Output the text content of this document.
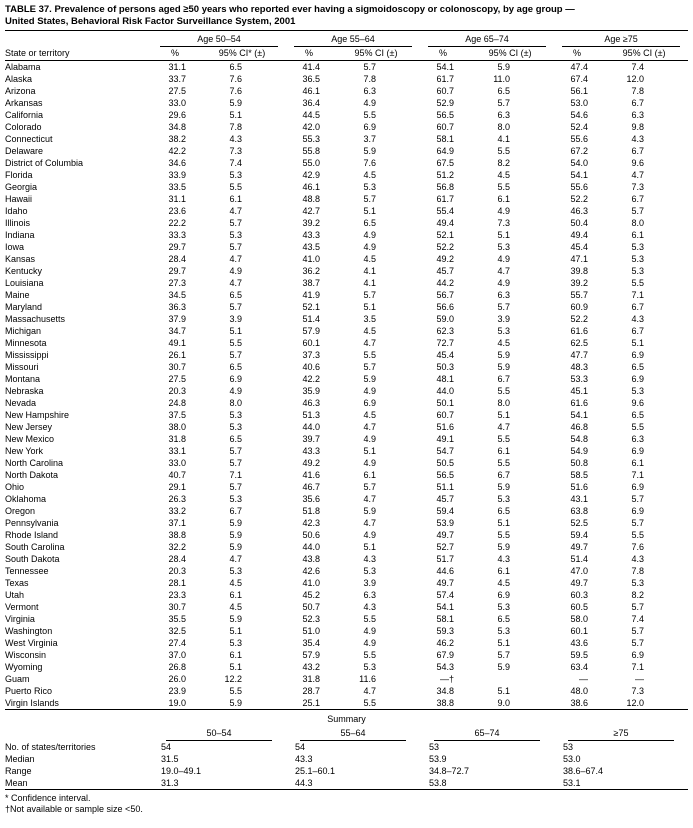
TABLE 37. Prevalence of persons aged ≥50 years who reported ever having a sigmoidoscopy or colonoscopy, by age group —
United States, Behavioral Risk Factor Surveillance System, 2001

	Age 50–54		Age 55–64		Age 65–74		Age ≥75	

State or territory	%	95% CI* (±)	%	95% CI (±)	%	95% CI (±)	%	95% CI (±)
Alabama	31.1	6.5	41.4	5.7	54.1	5.9	47.4	7.4
Alaska	33.7	7.6	36.5	7.8	61.7	11.0	67.4	12.0
Arizona	27.5	7.6	46.1	6.3	60.7	6.5	56.1	7.8
Arkansas	33.0	5.9	36.4	4.9	52.9	5.7	53.0	6.7
California	29.6	5.1	44.5	5.5	56.5	6.3	54.6	6.3
Colorado	34.8	7.8	42.0	6.9	60.7	8.0	52.4	9.8
Connecticut	38.2	4.3	55.3	3.7	58.1	4.1	55.6	4.3
Delaware	42.2	7.3	55.8	5.9	64.9	5.5	67.2	6.7
District of Columbia	34.6	7.4	55.0	7.6	67.5	8.2	54.0	9.6
Florida	33.9	5.3	42.9	4.5	51.2	4.5	54.1	4.7
Georgia	33.5	5.5	46.1	5.3	56.8	5.5	55.6	7.3
Hawaii	31.1	6.1	48.8	5.7	61.7	6.1	52.2	6.7
Idaho	23.6	4.7	42.7	5.1	55.4	4.9	46.3	5.7
Illinois	22.2	5.7	39.2	6.5	49.4	7.3	50.4	8.0
Indiana	33.3	5.3	43.3	4.9	52.1	5.1	49.4	6.1
Iowa	29.7	5.7	43.5	4.9	52.2	5.3	45.4	5.3
Kansas	28.4	4.7	41.0	4.5	49.2	4.9	47.1	5.3
Kentucky	29.7	4.9	36.2	4.1	45.7	4.7	39.8	5.3
Louisiana	27.3	4.7	38.7	4.1	44.2	4.9	39.2	5.5
Maine	34.5	6.5	41.9	5.7	56.7	6.3	55.7	7.1
Maryland	36.3	5.7	52.1	5.1	56.6	5.7	60.9	6.7
Massachusetts	37.9	3.9	51.4	3.5	59.0	3.9	52.2	4.3
Michigan	34.7	5.1	57.9	4.5	62.3	5.3	61.6	6.7
Minnesota	49.1	5.5	60.1	4.7	72.7	4.5	62.5	5.1
Mississippi	26.1	5.7	37.3	5.5	45.4	5.9	47.7	6.9
Missouri	30.7	6.5	40.6	5.7	50.3	5.9	48.3	6.5
Montana	27.5	6.9	42.2	5.9	48.1	6.7	53.3	6.9
Nebraska	20.3	4.9	35.9	4.9	44.0	5.5	45.1	5.3
Nevada	24.8	8.0	46.3	6.9	50.1	8.0	61.6	9.6
New Hampshire	37.5	5.3	51.3	4.5	60.7	5.1	54.1	6.5
New Jersey	38.0	5.3	44.0	4.7	51.6	4.7	46.8	5.5
New Mexico	31.8	6.5	39.7	4.9	49.1	5.5	54.8	6.3
New York	33.1	5.7	43.3	5.1	54.7	6.1	54.9	6.9
North Carolina	33.0	5.7	49.2	4.9	50.5	5.5	50.8	6.1
North Dakota	40.7	7.1	41.6	6.1	56.5	6.7	58.5	7.1
Ohio	29.1	5.7	46.7	5.7	51.1	5.9	51.6	6.9
Oklahoma	26.3	5.3	35.6	4.7	45.7	5.3	43.1	5.7
Oregon	33.2	6.7	51.8	5.9	59.4	6.5	63.8	6.9
Pennsylvania	37.1	5.9	42.3	4.7	53.9	5.1	52.5	5.7
Rhode Island	38.8	5.9	50.6	4.9	49.7	5.5	59.4	5.5
South Carolina	32.2	5.9	44.0	5.1	52.7	5.9	49.7	7.6
South Dakota	28.4	4.7	43.8	4.3	51.7	4.3	51.4	4.3
Tennessee	20.3	5.3	42.6	5.3	44.6	6.1	47.0	7.8
Texas	28.1	4.5	41.0	3.9	49.7	4.5	49.7	5.3
Utah	23.3	6.1	45.2	6.3	57.4	6.9	60.3	8.2
Vermont	30.7	4.5	50.7	4.3	54.1	5.3	60.5	5.7
Virginia	35.5	5.9	52.3	5.5	58.1	6.5	58.0	7.4
Washington	32.5	5.1	51.0	4.9	59.3	5.3	60.1	5.7
West Virginia	27.4	5.3	35.4	4.9	46.2	5.1	43.6	5.7
Wisconsin	37.0	6.1	57.9	5.5	67.9	5.7	59.5	6.9
Wyoming	26.8	5.1	43.2	5.3	54.3	5.9	63.4	7.1
Guam	26.0	12.2	31.8	11.6	—†		—	—
Puerto Rico	23.9	5.5	28.7	4.7	34.8	5.1	48.0	7.3
Virgin Islands	19.0	5.9	25.1	5.5	38.8	9.0	38.6	12.0
Summary

	50–54	55–64	65–74	≥75

No. of states/territories	54	54	53	53
Median	31.5	43.3	53.9	53.0
Range	19.0–49.1	25.1–60.1	34.8–72.7	38.6–67.4
Mean	31.3	44.3	53.8	53.1
* Confidence interval.
†Not available or sample size <50.
